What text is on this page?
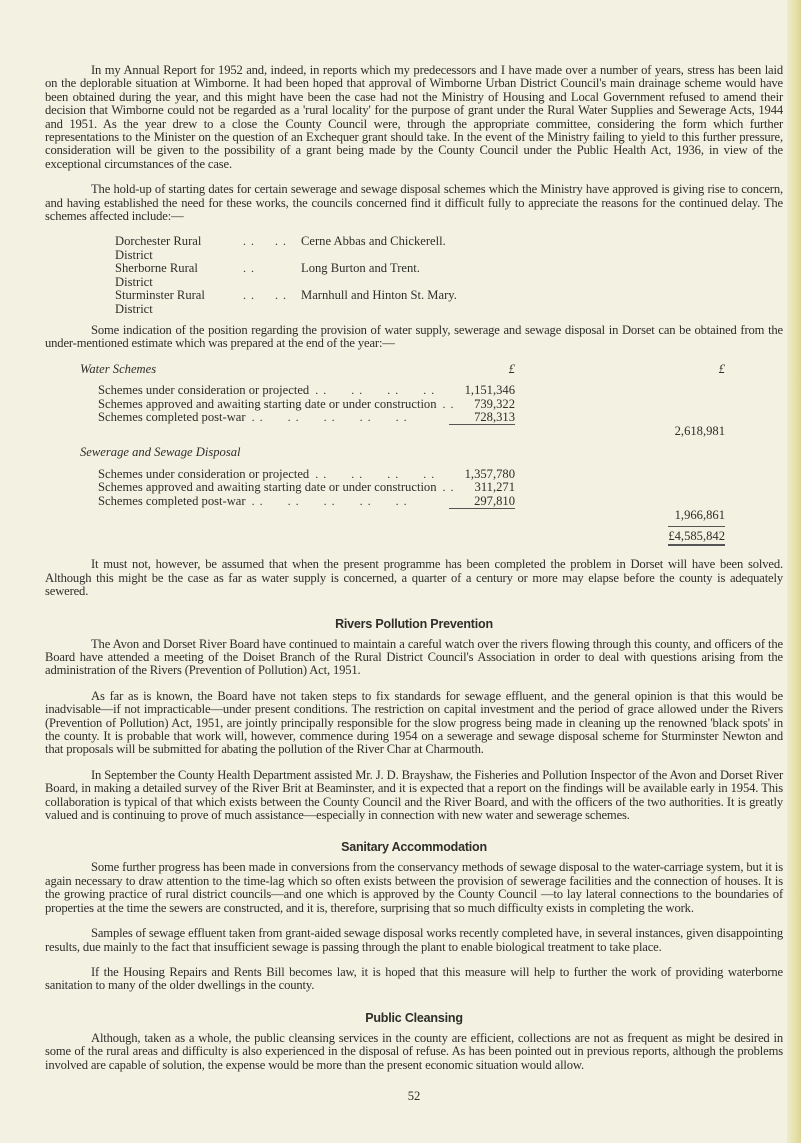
In my Annual Report for 1952 and, indeed, in reports which my predecessors and I have made over a number of years, stress has been laid on the deplorable situation at Wimborne. It had been hoped that approval of Wimborne Urban District Council's main drainage scheme would have been obtained during the year, and this might have been the case had not the Ministry of Housing and Local Government refused to amend their decision that Wimborne could not be regarded as a 'rural locality' for the purpose of grant under the Rural Water Supplies and Sewerage Acts, 1944 and 1951. As the year drew to a close the County Council were, through the appropriate committee, considering the form which further representations to the Minister on the question of an Exchequer grant should take. In the event of the Ministry failing to yield to this further pressure, consideration will be given to the possibility of a grant being made by the County Council under the Public Health Act, 1936, in view of the exceptional circumstances of the case.

The hold-up of starting dates for certain sewerage and sewage disposal schemes which the Ministry have approved is giving rise to concern, and having established the need for these works, the councils concerned find it difficult fully to appreciate the reasons for the continued delay. The schemes affected include:—

Dorchester Rural District
. .     . .	Cerne Abbas and Chickerell.
Sherborne Rural District
. .	Long Burton and Trent.
Sturminster Rural District
. .     . .	Marnhull and Hinton St. Mary.

Some indication of the position regarding the provision of water supply, sewerage and sewage disposal in Dorset can be obtained from the under-mentioned estimate which was prepared at the end of the year:—

Water Schemes	£	£
Schemes under consideration or projected . .      . .      . .      . .	1,151,346
Schemes approved and awaiting starting date or under construction . .	739,322
Schemes completed post-war . .      . .      . .      . .      . .	728,313
2,618,981
Sewerage and Sewage Disposal
Schemes under consideration or projected . .      . .      . .      . .	1,357,780
Schemes approved and awaiting starting date or under construction . .	311,271
Schemes completed post-war . .      . .      . .      . .      . .	297,810
1,966,861
£4,585,842

It must not, however, be assumed that when the present programme has been completed the problem in Dorset will have been solved. Although this might be the case as far as water supply is concerned, a quarter of a century or more may elapse before the county is adequately sewered.

Rivers Pollution Prevention

The Avon and Dorset River Board have continued to maintain a careful watch over the rivers flowing through this county, and officers of the Board have attended a meeting of the Doiset Branch of the Rural District Council's Association in order to deal with questions arising from the administration of the Rivers (Prevention of Pollution) Act, 1951.

As far as is known, the Board have not taken steps to fix standards for sewage effluent, and the general opinion is that this would be inadvisable—if not impracticable—under present conditions. The restriction on capital investment and the period of grace allowed under the Rivers (Prevention of Pollution) Act, 1951, are jointly principally responsible for the slow progress being made in cleaning up the renowned 'black spots' in the county. It is probable that work will, however, commence during 1954 on a sewerage and sewage disposal scheme for Sturminster Newton and that proposals will be submitted for abating the pollution of the River Char at Charmouth.

In September the County Health Department assisted Mr. J. D. Brayshaw, the Fisheries and Pollution Inspector of the Avon and Dorset River Board, in making a detailed survey of the River Brit at Beaminster, and it is expected that a report on the findings will be available early in 1954. This collaboration is typical of that which exists between the County Council and the River Board, and with the officers of the two authorities. It is greatly valued and is continuing to prove of much assistance—especially in connection with new water and sewerage schemes.

Sanitary Accommodation

Some further progress has been made in conversions from the conservancy methods of sewage disposal to the water-carriage system, but it is again necessary to draw attention to the time-lag which so often exists between the provision of sewerage facilities and the connection of houses. It is the growing practice of rural district councils—and one which is approved by the County Council —to lay lateral connections to the boundaries of properties at the time the sewers are constructed, and it is, therefore, surprising that so much difficulty exists in completing the work.

Samples of sewage effluent taken from grant-aided sewage disposal works recently completed have, in several instances, given disappointing results, due mainly to the fact that insufficient sewage is passing through the plant to enable biological treatment to take place.

If the Housing Repairs and Rents Bill becomes law, it is hoped that this measure will help to further the work of providing waterborne sanitation to many of the older dwellings in the county.

Public Cleansing

Although, taken as a whole, the public cleansing services in the county are efficient, collections are not as frequent as might be desired in some of the rural areas and difficulty is also experienced in the disposal of refuse. As has been pointed out in previous reports, although the problems involved are capable of solution, the expense would be more than the present economic situation would allow.

52
